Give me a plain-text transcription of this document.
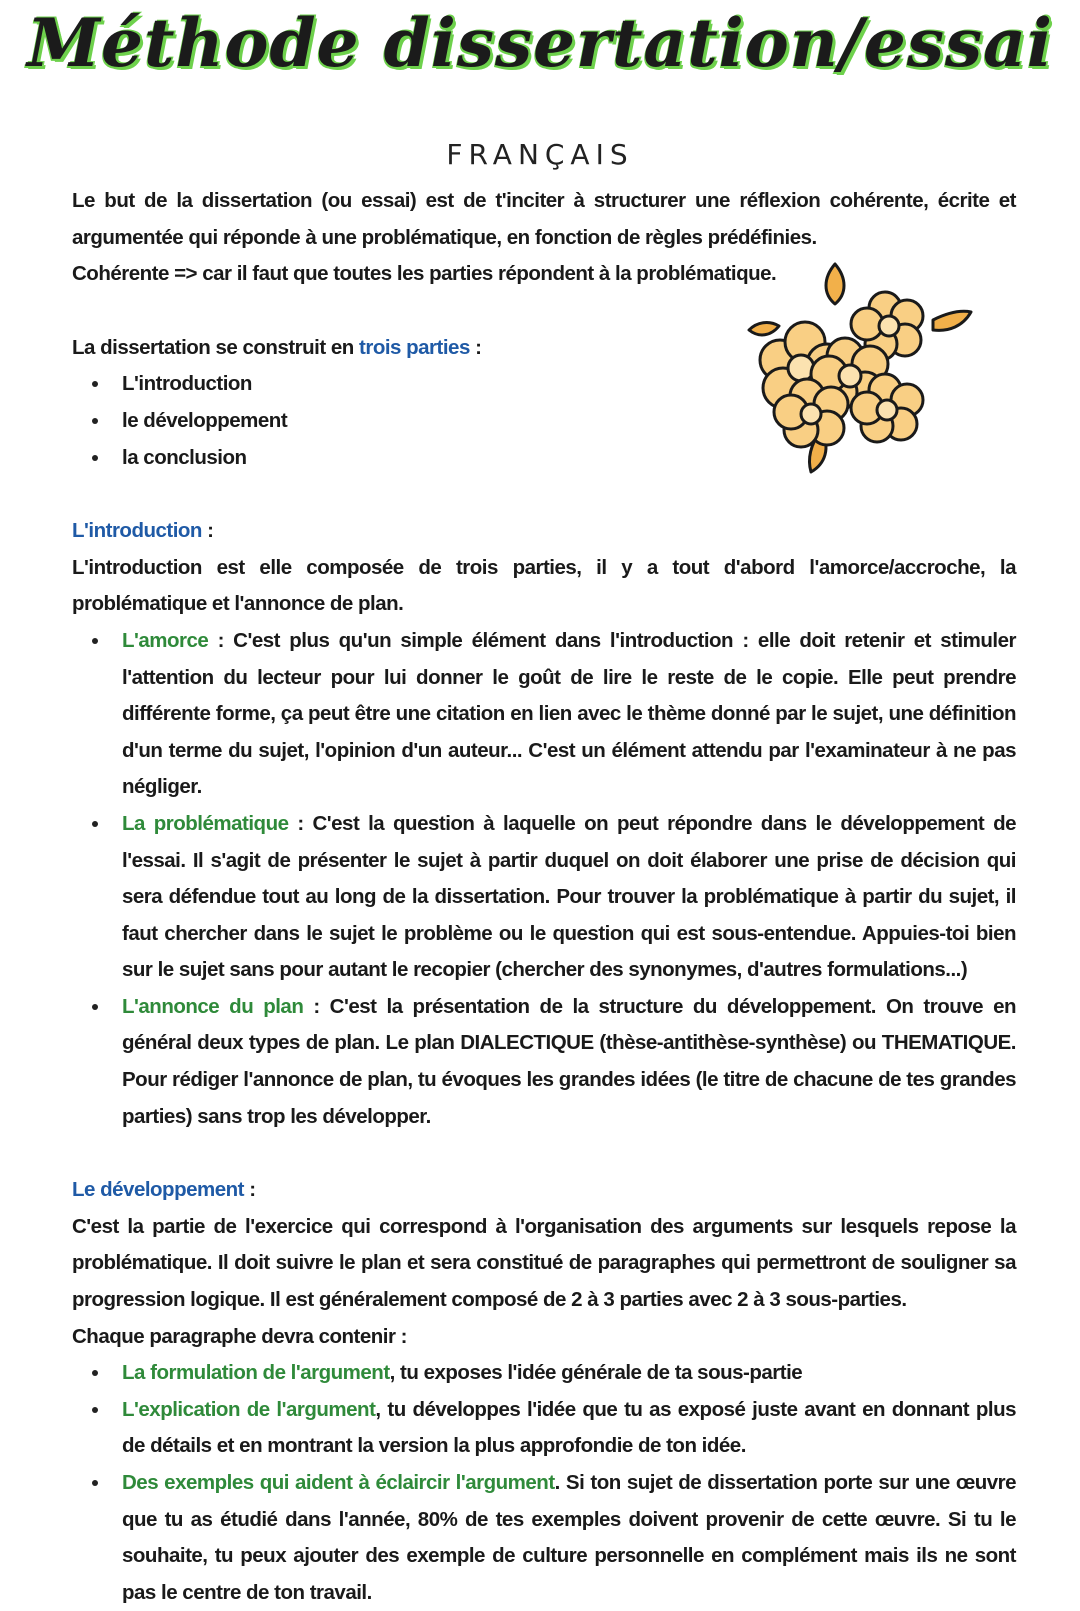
Méthode dissertation/essai
FRANÇAIS

Le but de la dissertation (ou essai) est de t'inciter à structurer une réflexion cohérente, écrite et argumentée qui réponde à une problématique, en fonction de règles prédéfinies.

Cohérente => car il faut que toutes les parties répondent à la problématique.

La dissertation se construit en trois parties :

L'introduction
le développement
la conclusion

L'introduction :

L'introduction est elle composée de trois parties, il y a tout d'abord l'amorce/accroche, la problématique et l'annonce de plan.

L'amorce : C'est plus qu'un simple élément dans l'introduction : elle doit retenir et stimuler l'attention du lecteur pour lui donner le goût de lire le reste de le copie. Elle peut prendre différente forme, ça peut être une citation en lien avec le thème donné par le sujet, une définition d'un terme du sujet, l'opinion d'un auteur... C'est un élément attendu par l'examinateur à ne pas négliger.
La problématique : C'est la question à laquelle on peut répondre dans le développement de l'essai. Il s'agit de présenter le sujet à partir duquel on doit élaborer une prise de décision qui sera défendue tout au long de la dissertation. Pour trouver la problématique à partir du sujet, il faut chercher dans le sujet le problème ou le question qui est sous-entendue. Appuies-toi bien sur le sujet sans pour autant le recopier (chercher des synonymes, d'autres formulations...)
L'annonce du plan : C'est la présentation de la structure du développement. On trouve en général deux types de plan. Le plan DIALECTIQUE (thèse-antithèse-synthèse) ou THEMATIQUE. Pour rédiger l'annonce de plan, tu évoques les grandes idées (le titre de chacune de tes grandes parties) sans trop les développer.

Le développement :

C'est la partie de l'exercice qui correspond à l'organisation des arguments sur lesquels repose la problématique. Il doit suivre le plan et sera constitué de paragraphes qui permettront de souligner sa progression logique. Il est généralement composé de 2 à 3 parties avec 2 à 3 sous-parties.

Chaque paragraphe devra contenir :

La formulation de l'argument, tu exposes l'idée générale de ta sous-partie
L'explication de l'argument, tu développes l'idée que tu as exposé juste avant en donnant plus de détails et en montrant la version la plus approfondie de ton idée.
Des exemples qui aident à éclaircir l'argument. Si ton sujet de dissertation porte sur une œuvre que tu as étudié dans l'année, 80% de tes exemples doivent provenir de cette œuvre. Si tu le souhaite, tu peux ajouter des exemple de culture personnelle en complément mais ils ne sont pas le centre de ton travail.
